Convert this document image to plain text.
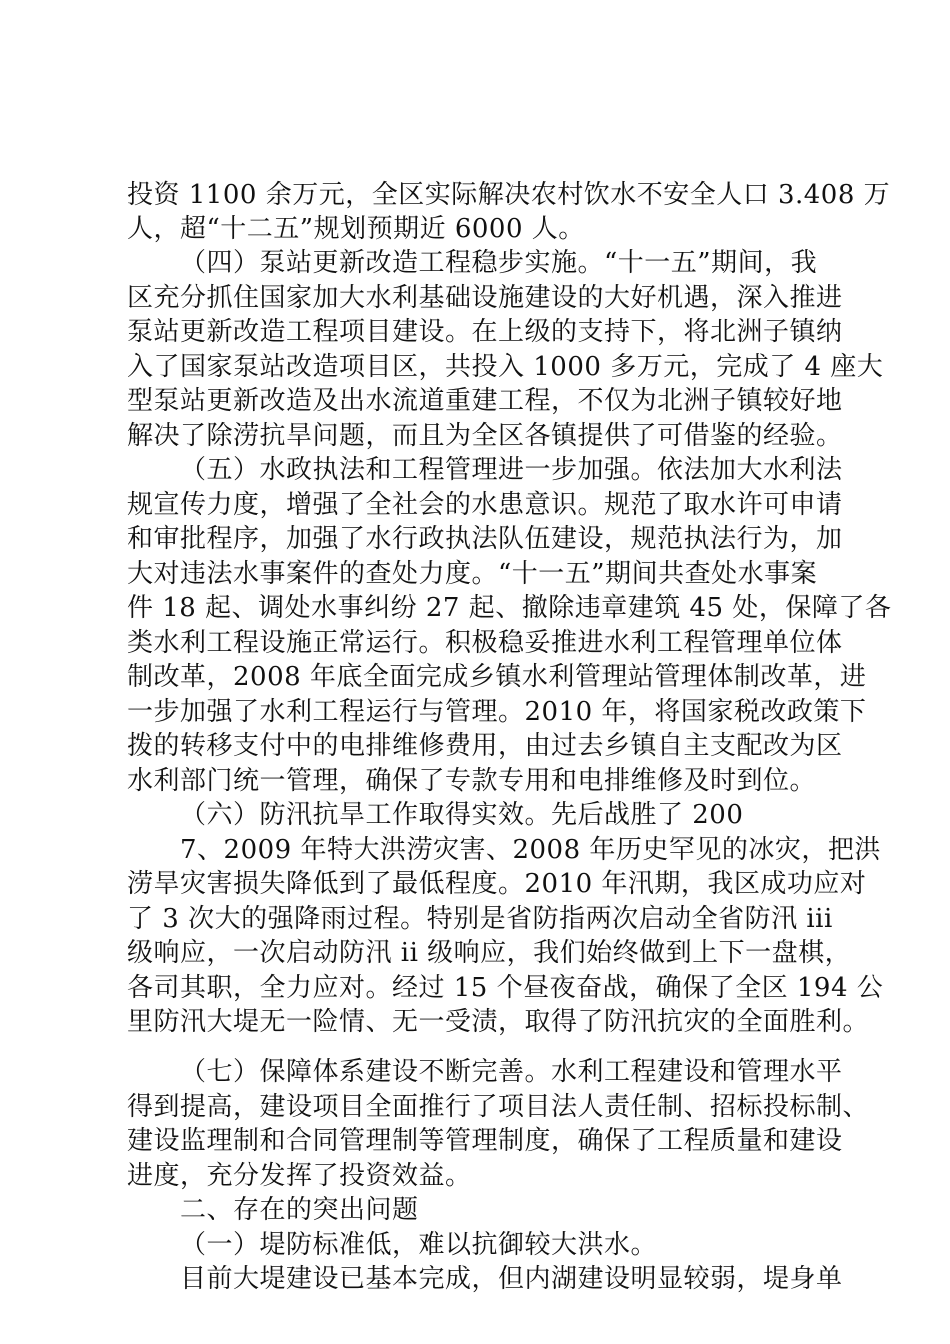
投资 1100 余万元，全区实际解决农村饮水不安全人口 3.408 万
人，超“十二五”规划预期近 6000 人。
（四）泵站更新改造工程稳步实施。“十一五”期间，我
区充分抓住国家加大水利基础设施建设的大好机遇，深入推进
泵站更新改造工程项目建设。在上级的支持下，将北洲子镇纳
入了国家泵站改造项目区，共投入 1000 多万元，完成了 4 座大
型泵站更新改造及出水流道重建工程，不仅为北洲子镇较好地
解决了除涝抗旱问题，而且为全区各镇提供了可借鉴的经验。
（五）水政执法和工程管理进一步加强。依法加大水利法
规宣传力度，增强了全社会的水患意识。规范了取水许可申请
和审批程序，加强了水行政执法队伍建设，规范执法行为，加
大对违法水事案件的查处力度。“十一五”期间共查处水事案
件 18 起、调处水事纠纷 27 起、撤除违章建筑 45 处，保障了各
类水利工程设施正常运行。积极稳妥推进水利工程管理单位体
制改革，2008 年底全面完成乡镇水利管理站管理体制改革，进
一步加强了水利工程运行与管理。2010 年，将国家税改政策下
拨的转移支付中的电排维修费用，由过去乡镇自主支配改为区
水利部门统一管理，确保了专款专用和电排维修及时到位。
（六）防汛抗旱工作取得实效。先后战胜了 200
7、2009 年特大洪涝灾害、2008 年历史罕见的冰灾，把洪
涝旱灾害损失降低到了最低程度。2010 年汛期，我区成功应对
了 3 次大的强降雨过程。特别是省防指两次启动全省防汛 iii
级响应，一次启动防汛 ii 级响应，我们始终做到上下一盘棋，
各司其职，全力应对。经过 15 个昼夜奋战，确保了全区 194 公
里防汛大堤无一险情、无一受渍，取得了防汛抗灾的全面胜利。
（七）保障体系建设不断完善。水利工程建设和管理水平
得到提高，建设项目全面推行了项目法人责任制、招标投标制、
建设监理制和合同管理制等管理制度，确保了工程质量和建设
进度，充分发挥了投资效益。
二、存在的突出问题
（一）堤防标准低，难以抗御较大洪水。
目前大堤建设已基本完成，但内湖建设明显较弱，堤身单
